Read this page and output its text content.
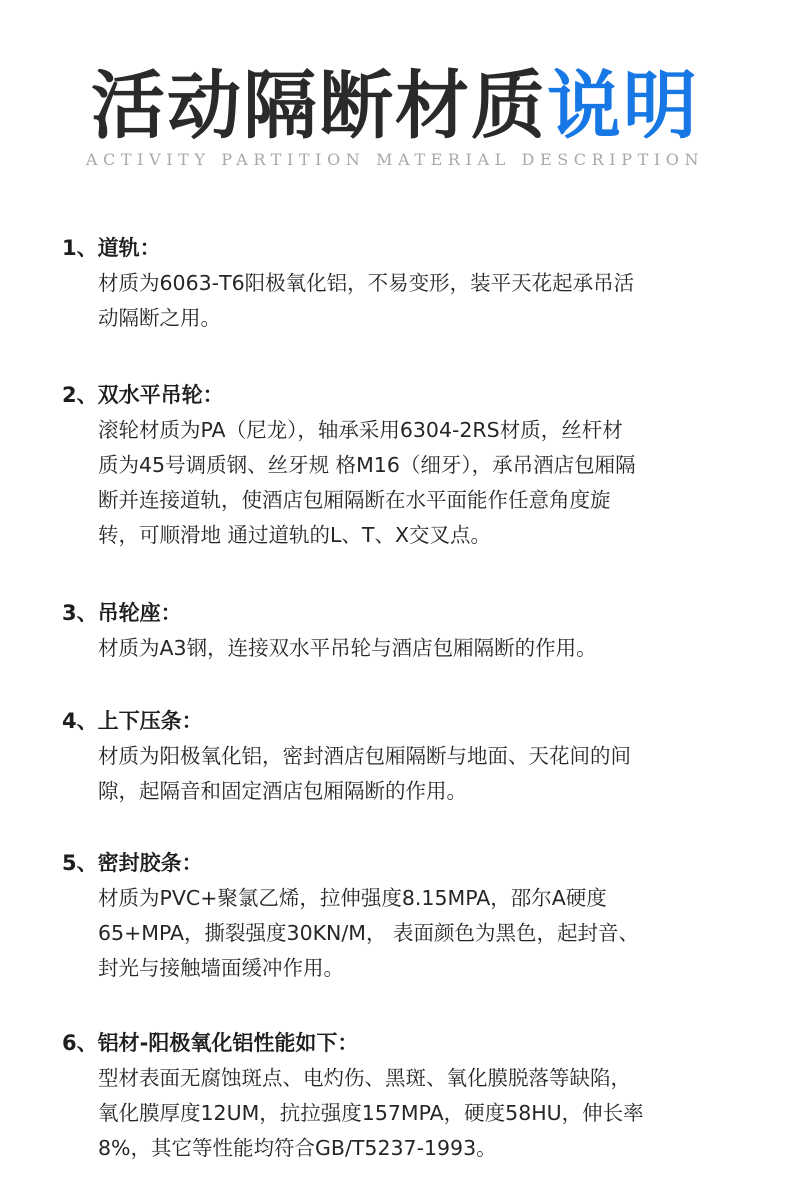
活动隔断材质说明
ACTIVITY PARTITION MATERIAL DESCRIPTION
1、道轨：
材质为6063-T6阳极氧化铝，不易变形，装平天花起承吊活
动隔断之用。
2、双水平吊轮：
滚轮材质为PA（尼龙），轴承采用6304-2RS材质，丝杆材
质为45号调质钢、丝牙规 格M16（细牙），承吊酒店包厢隔
断并连接道轨，使酒店包厢隔断在水平面能作任意角度旋
转，可顺滑地 通过道轨的L、T、X交叉点。
3、吊轮座：
材质为A3钢，连接双水平吊轮与酒店包厢隔断的作用。
4、上下压条：
材质为阳极氧化铝，密封酒店包厢隔断与地面、天花间的间
隙，起隔音和固定酒店包厢隔断的作用。
5、密封胶条：
材质为PVC+聚氯乙烯，拉伸强度8.15MPA，邵尔A硬度
65+MPA，撕裂强度30KN/M， 表面颜色为黑色，起封音、
封光与接触墙面缓冲作用。
6、铝材-阳极氧化铝性能如下：
型材表面无腐蚀斑点、电灼伤、黑斑、氧化膜脱落等缺陷，
氧化膜厚度12UM，抗拉强度157MPA，硬度58HU，伸长率
8%，其它等性能均符合GB/T5237-1993。
